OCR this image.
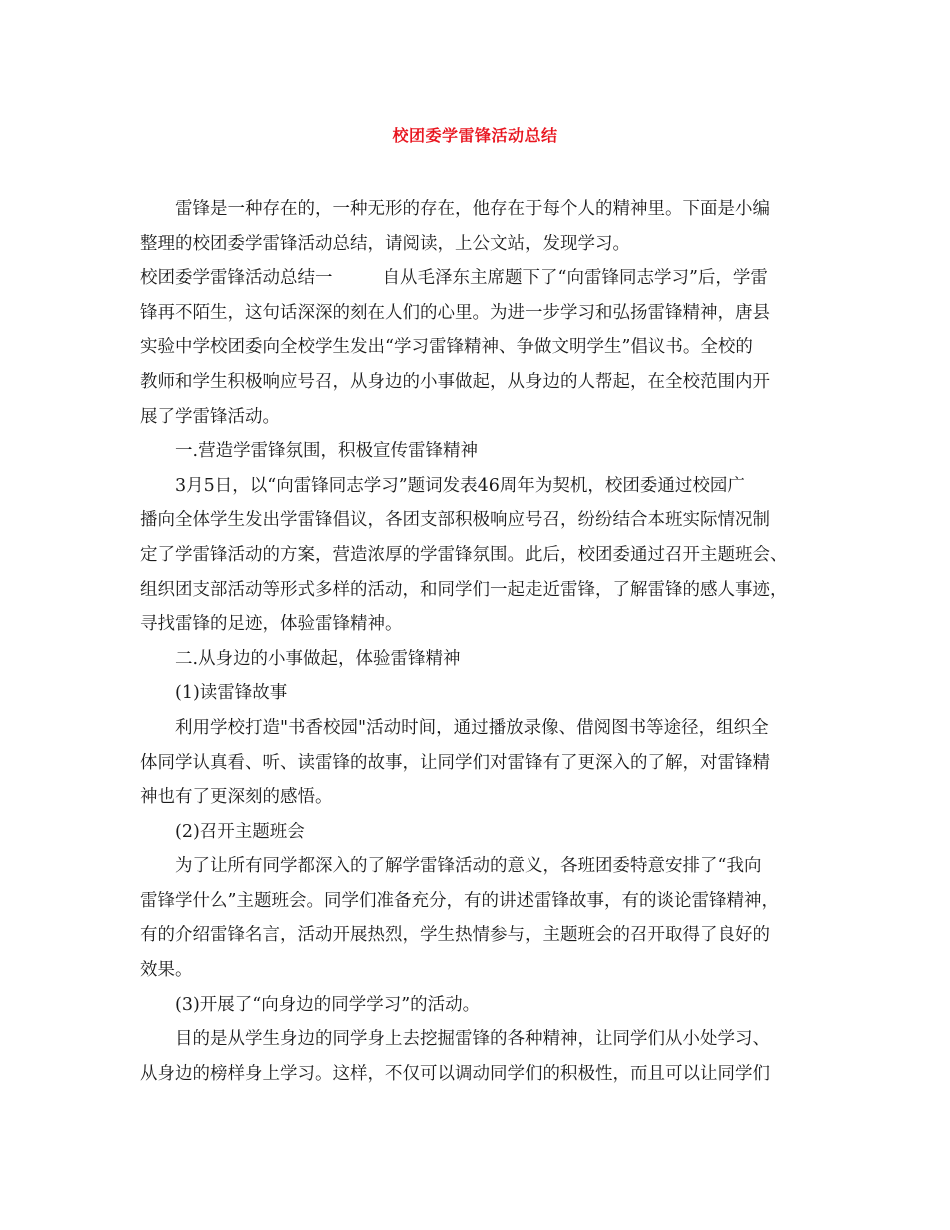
校团委学雷锋活动总结

雷锋是一种存在的，一种无形的存在，他存在于每个人的精神里。下面是小编

整理的校团委学雷锋活动总结，请阅读，上公文站，发现学习。

校团委学雷锋活动总结一	自从毛泽东主席题下了“向雷锋同志学习”后，学雷

锋再不陌生，这句话深深的刻在人们的心里。为进一步学习和弘扬雷锋精神，唐县

实验中学校团委向全校学生发出“学习雷锋精神、争做文明学生”倡议书。全校的

教师和学生积极响应号召，从身边的小事做起，从身边的人帮起，在全校范围内开

展了学雷锋活动。

一.营造学雷锋氛围，积极宣传雷锋精神

3月5日，以“向雷锋同志学习”题词发表46周年为契机，校团委通过校园广

播向全体学生发出学雷锋倡议，各团支部积极响应号召，纷纷结合本班实际情况制

定了学雷锋活动的方案，营造浓厚的学雷锋氛围。此后，校团委通过召开主题班会、

组织团支部活动等形式多样的活动，和同学们一起走近雷锋，了解雷锋的感人事迹，

寻找雷锋的足迹，体验雷锋精神。

二.从身边的小事做起，体验雷锋精神

(1)读雷锋故事

利用学校打造"书香校园"活动时间，通过播放录像、借阅图书等途径，组织全

体同学认真看、听、读雷锋的故事，让同学们对雷锋有了更深入的了解，对雷锋精

神也有了更深刻的感悟。

(2)召开主题班会

为了让所有同学都深入的了解学雷锋活动的意义，各班团委特意安排了“我向

雷锋学什么”主题班会。同学们准备充分，有的讲述雷锋故事，有的谈论雷锋精神，

有的介绍雷锋名言，活动开展热烈，学生热情参与，主题班会的召开取得了良好的

效果。

(3)开展了“向身边的同学学习”的活动。

目的是从学生身边的同学身上去挖掘雷锋的各种精神，让同学们从小处学习、

从身边的榜样身上学习。这样，不仅可以调动同学们的积极性，而且可以让同学们
